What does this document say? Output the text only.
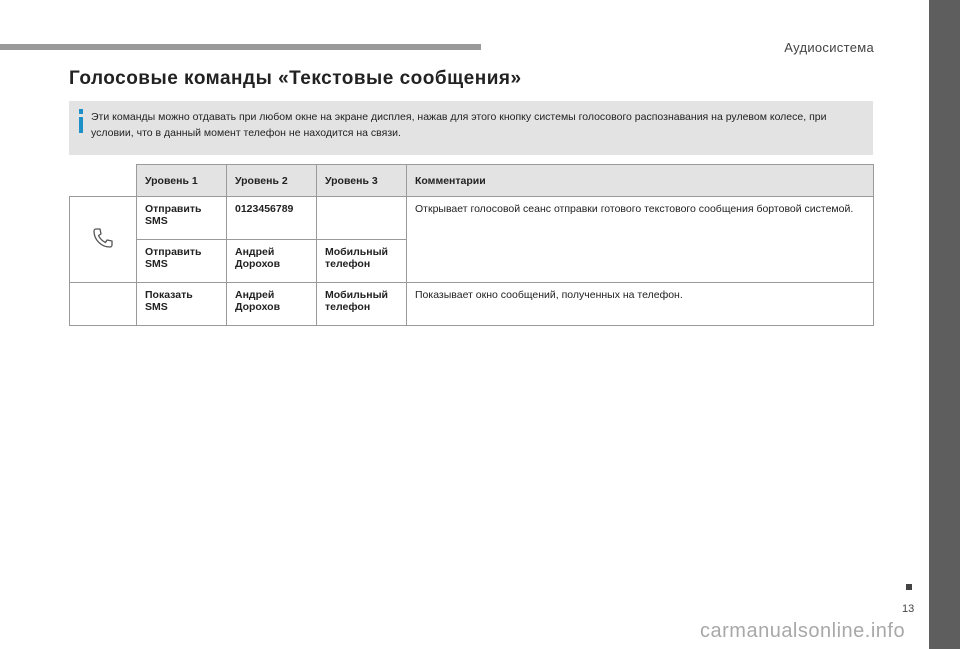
Аудиосистема
Голосовые команды «Текстовые сообщения»
Эти команды можно отдавать при любом окне на экране дисплея, нажав для этого кнопку системы голосового распознавания на рулевом колесе, при условии, что в данный момент телефон не находится на связи.
	Уровень 1	Уровень 2	Уровень 3	Комментарии
	Отправить SMS	0123456789		Открывает голосовой сеанс отправки готового текстового сообщения бортовой системой.
	Отправить SMS	Андрей Дорохов	Мобильный телефон	
	Показать SMS	Андрей Дорохов	Мобильный телефон	Показывает окно сообщений, полученных на телефон.
13
carmanualsonline.info
